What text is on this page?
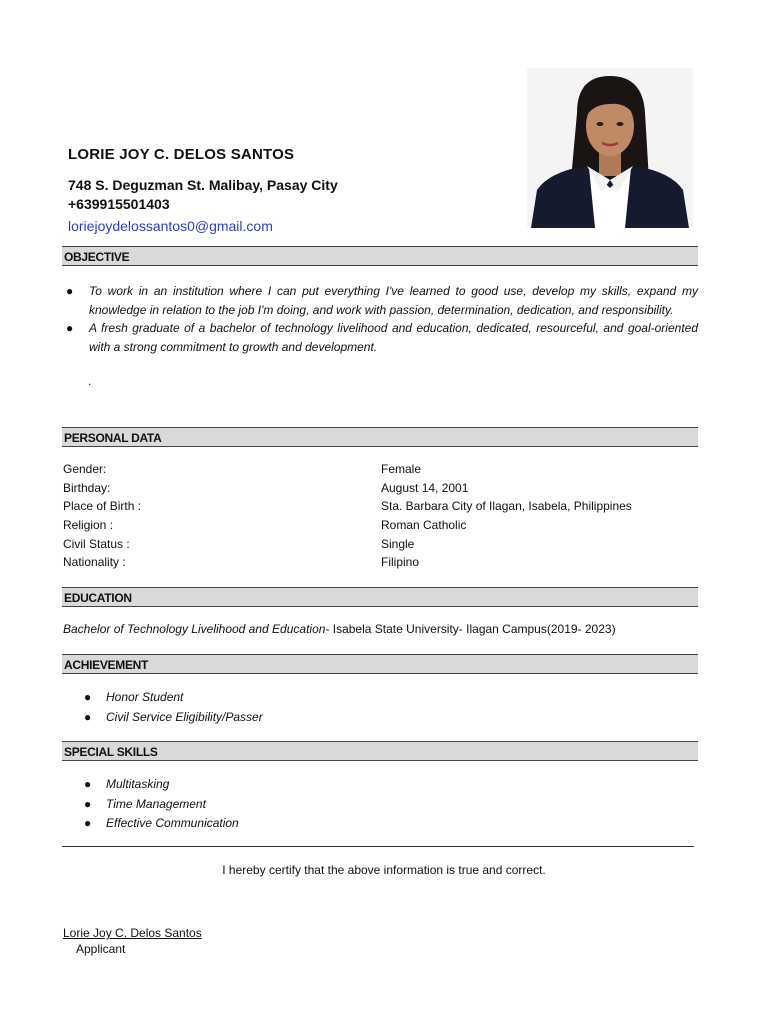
LORIE JOY C. DELOS SANTOS
748 S. Deguzman St. Malibay, Pasay City
+639915501403
loriejoydelossantos0@gmail.com
OBJECTIVE
● To work in an institution where I can put everything I've learned to good use, develop my skills, expand my knowledge in relation to the job I'm doing, and work with passion, determination, dedication, and responsibility.
● A fresh graduate of a bachelor of technology livelihood and education, dedicated, resourceful, and goal-oriented with a strong commitment to growth and development.
.
PERSONAL DATA
Gender:	Female
Birthday:	August 14, 2001
Place of Birth :	Sta. Barbara City of Ilagan, Isabela, Philippines
Religion :	Roman Catholic
Civil Status :	Single
Nationality :	Filipino
EDUCATION
Bachelor of Technology Livelihood and Education- Isabela State University- Ilagan Campus(2019- 2023)
ACHIEVEMENT
● Honor Student
● Civil Service Eligibility/Passer
SPECIAL SKILLS
● Multitasking
● Time Management
● Effective Communication
I hereby certify that the above information is true and correct.
Lorie Joy C. Delos Santos
Applicant
